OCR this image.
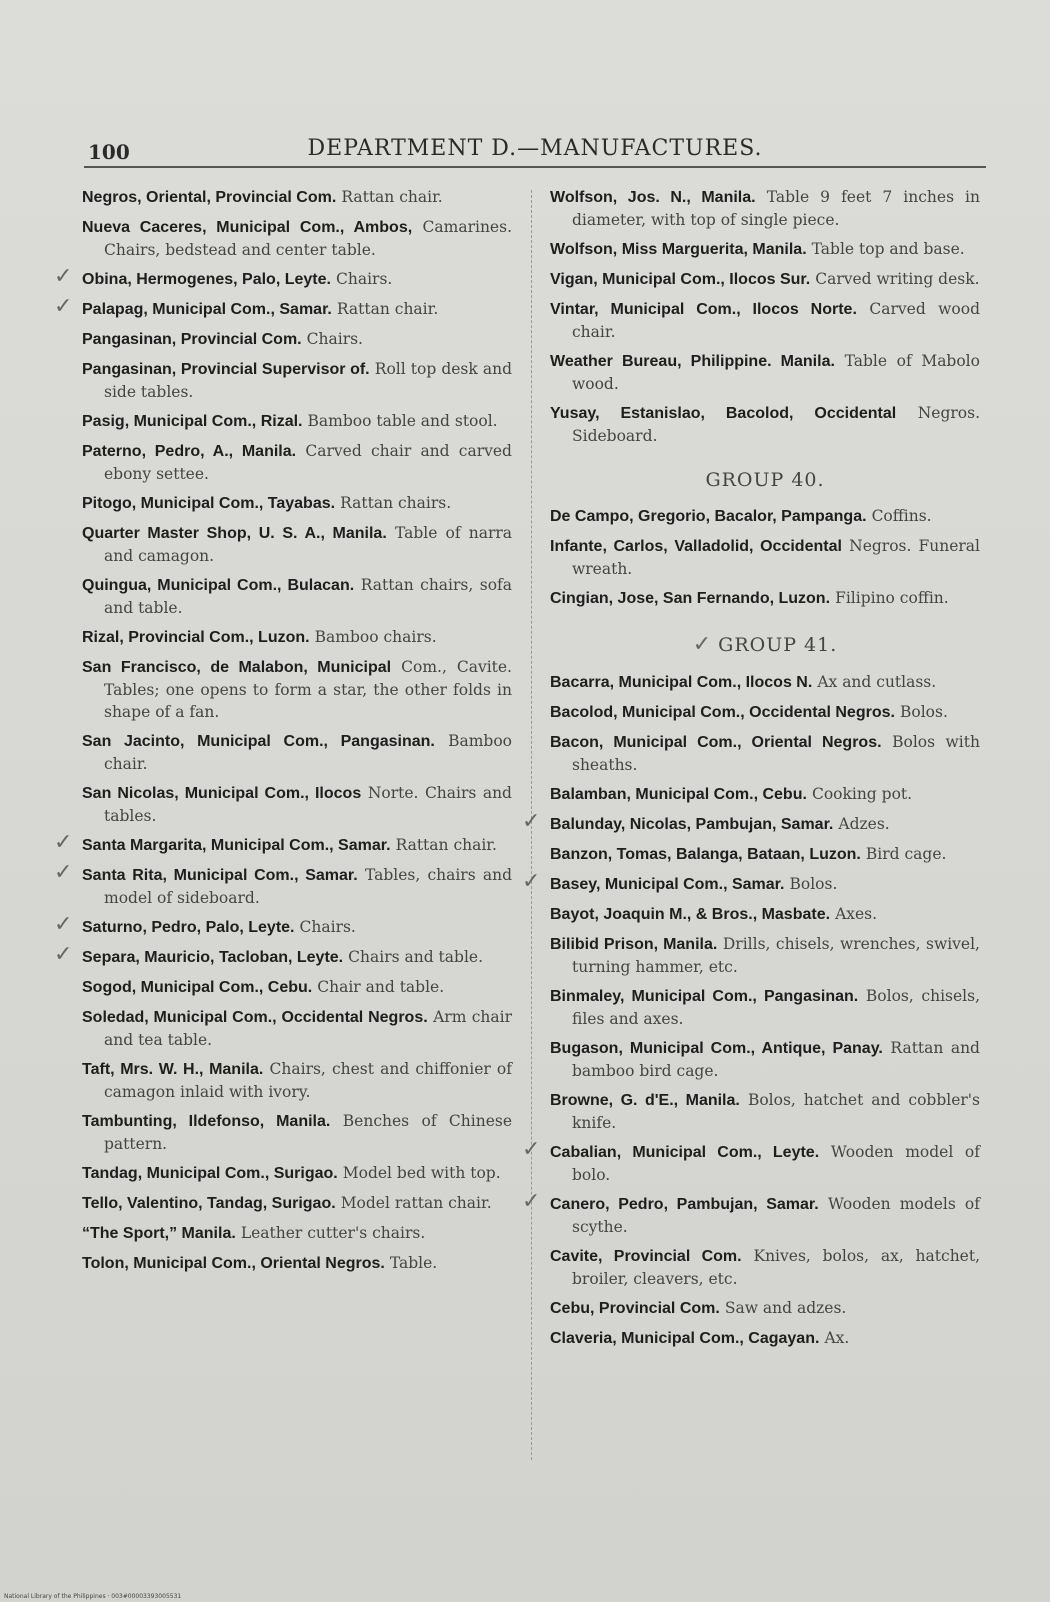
100	DEPARTMENT D.—MANUFACTURES.
Negros, Oriental, Provincial Com. Rattan chair.
Nueva Caceres, Municipal Com., Ambos, Camarines. Chairs, bedstead and center table.
✓ Obina, Hermogenes, Palo, Leyte. Chairs.
✓ Palapag, Municipal Com., Samar. Rattan chair.
Pangasinan, Provincial Com. Chairs.
Pangasinan, Provincial Supervisor of. Roll top desk and side tables.
Pasig, Municipal Com., Rizal. Bamboo table and stool.
Paterno, Pedro, A., Manila. Carved chair and carved ebony settee.
Pitogo, Municipal Com., Tayabas. Rattan chairs.
Quarter Master Shop, U. S. A., Manila. Table of narra and camagon.
Quingua, Municipal Com., Bulacan. Rattan chairs, sofa and table.
Rizal, Provincial Com., Luzon. Bamboo chairs.
San Francisco, de Malabon, Municipal Com., Cavite. Tables; one opens to form a star, the other folds in shape of a fan.
San Jacinto, Municipal Com., Pangasinan. Bamboo chair.
San Nicolas, Municipal Com., Ilocos Norte. Chairs and tables.
✓ Santa Margarita, Municipal Com., Samar. Rattan chair.
✓ Santa Rita, Municipal Com., Samar. Tables, chairs and model of sideboard.
✓ Saturno, Pedro, Palo, Leyte. Chairs.
✓ Separa, Mauricio, Tacloban, Leyte. Chairs and table.
Sogod, Municipal Com., Cebu. Chair and table.
Soledad, Municipal Com., Occidental Negros. Arm chair and tea table.
Taft, Mrs. W. H., Manila. Chairs, chest and chiffonier of camagon inlaid with ivory.
Tambunting, Ildefonso, Manila. Benches of Chinese pattern.
Tandag, Municipal Com., Surigao. Model bed with top.
Tello, Valentino, Tandag, Surigao. Model rattan chair.
“The Sport,” Manila. Leather cutter's chairs.
Tolon, Municipal Com., Oriental Negros. Table.
Wolfson, Jos. N., Manila. Table 9 feet 7 inches in diameter, with top of single piece.
Wolfson, Miss Marguerita, Manila. Table top and base.
Vigan, Municipal Com., Ilocos Sur. Carved writing desk.
Vintar, Municipal Com., Ilocos Norte. Carved wood chair.
Weather Bureau, Philippine. Manila. Table of Mabolo wood.
Yusay, Estanislao, Bacolod, Occidental Negros. Sideboard.
GROUP 40.
De Campo, Gregorio, Bacalor, Pampanga. Coffins.
Infante, Carlos, Valladolid, Occidental Negros. Funeral wreath.
Cingian, Jose, San Fernando, Luzon. Filipino coffin.
✓ GROUP 41.
Bacarra, Municipal Com., Ilocos N. Ax and cutlass.
Bacolod, Municipal Com., Occidental Negros. Bolos.
Bacon, Municipal Com., Oriental Negros. Bolos with sheaths.
Balamban, Municipal Com., Cebu. Cooking pot.
✓ Balunday, Nicolas, Pambujan, Samar. Adzes.
Banzon, Tomas, Balanga, Bataan, Luzon. Bird cage.
✓ Basey, Municipal Com., Samar. Bolos.
Bayot, Joaquin M., & Bros., Masbate. Axes.
Bilibid Prison, Manila. Drills, chisels, wrenches, swivel, turning hammer, etc.
Binmaley, Municipal Com., Pangasinan. Bolos, chisels, files and axes.
Bugason, Municipal Com., Antique, Panay. Rattan and bamboo bird cage.
Browne, G. d'E., Manila. Bolos, hatchet and cobbler's knife.
✓ Cabalian, Municipal Com., Leyte. Wooden model of bolo.
✓ Canero, Pedro, Pambujan, Samar. Wooden models of scythe.
Cavite, Provincial Com. Knives, bolos, ax, hatchet, broiler, cleavers, etc.
Cebu, Provincial Com. Saw and adzes.
Claveria, Municipal Com., Cagayan. Ax.
National Library of the Philippines · 003#00003393005531
